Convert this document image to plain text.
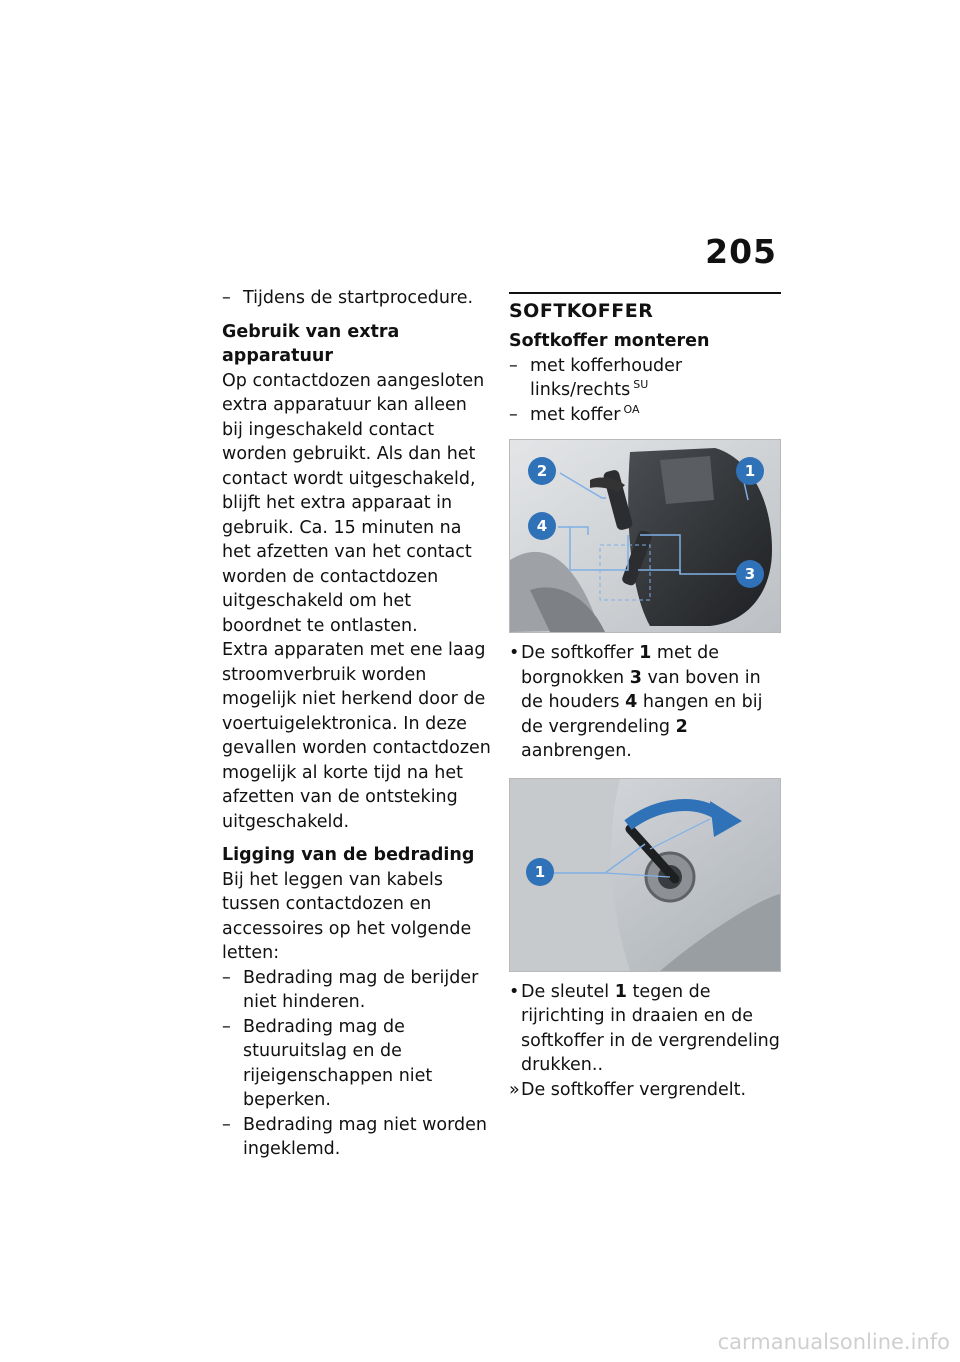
205
– Tijdens de startprocedure.

Gebruik van extra apparatuur

Op contactdozen aangesloten extra apparatuur kan alleen bij ingeschakeld contact worden gebruikt. Als dan het contact wordt uitgeschakeld, blijft het extra apparaat in gebruik. Ca. 15 minuten na het afzetten van het contact worden de contactdozen uitgeschakeld om het boordnet te ontlasten.

Extra apparaten met ene laag stroomverbruik worden mogelijk niet herkend door de voertuigelektronica. In deze gevallen worden contactdozen mogelijk al korte tijd na het afzetten van de ontsteking uitgeschakeld.

Ligging van de bedrading

Bij het leggen van kabels tussen contactdozen en accessoires op het volgende letten:

– Bedrading mag de berijder niet hinderen.
– Bedrading mag de stuuruitslag en de rijeigenschappen niet beperken.
– Bedrading mag niet worden ingeklemd.
SOFTKOFFER

Softkoffer monteren

– met kofferhouder links/rechts $^{SU}$
– met koffer $^{OA}$
1
2
3
4
• De softkoffer 1 met de borgnokken 3 van boven in de houders 4 hangen en bij de vergrendeling 2 aanbrengen.
1
• De sleutel 1 tegen de rijrichting in draaien en de softkoffer in de vergrendeling drukken..
» De softkoffer vergrendelt.
carmanualsonline.info
